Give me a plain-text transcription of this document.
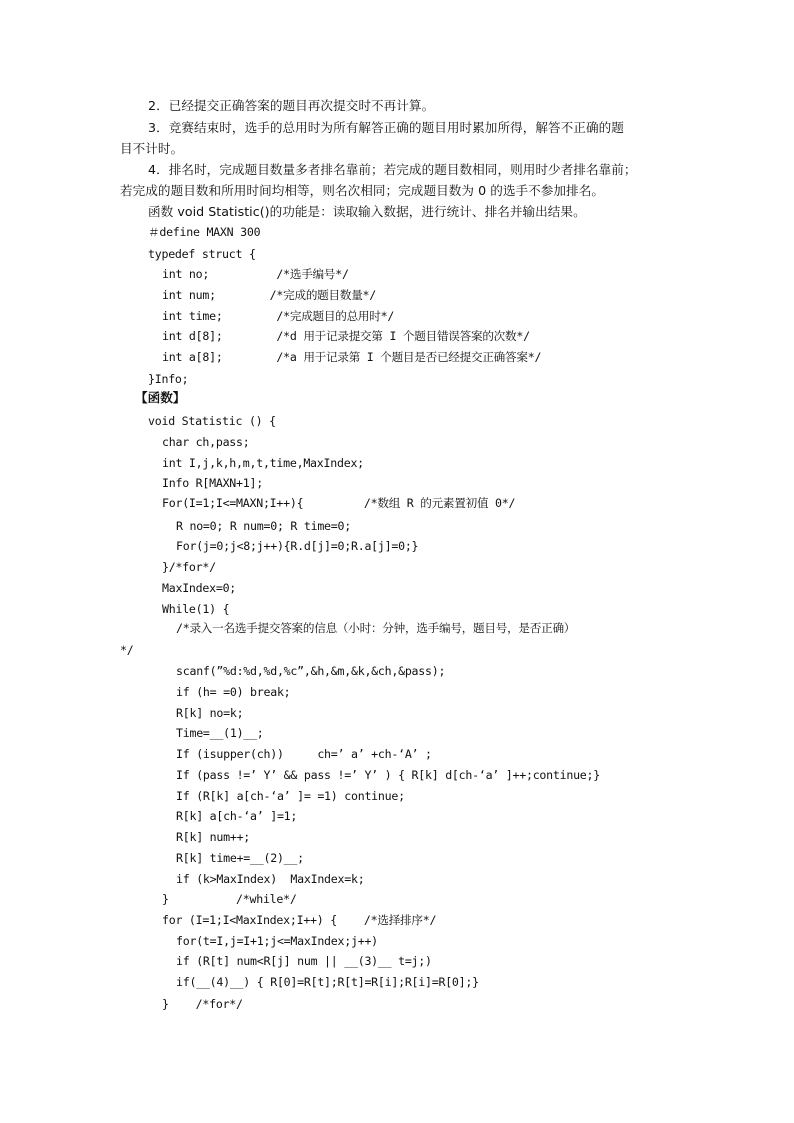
2．已经提交正确答案的题目再次提交时不再计算。
3．竞赛结束时，选手的总用时为所有解答正确的题目用时累加所得，解答不正确的题
目不计时。
4．排名时，完成题目数量多者排名靠前；若完成的题目数相同，则用时少者排名靠前；
若完成的题目数和所用时间均相等，则名次相同；完成题目数为 0 的选手不参加排名。
函数 void Statistic()的功能是：读取输入数据，进行统计、排名并输出结果。
＃define MAXN 300
typedef struct {
int no;          /*选手编号*/
int num;        /*完成的题目数量*/
int time;        /*完成题目的总用时*/
int d[8];        /*d 用于记录提交第 I 个题目错误答案的次数*/
int a[8];        /*a 用于记录第 I 个题目是否已经提交正确答案*/
}Info;
【函数】
void Statistic () {
char ch,pass;
int I,j,k,h,m,t,time,MaxIndex;
Info R[MAXN+1];
For(I=1;I<=MAXN;I++){         /*数组 R 的元素置初值 0*/
R no=0; R num=0; R time=0;
For(j=0;j<8;j++){R.d[j]=0;R.a[j]=0;}
}/*for*/
MaxIndex=0;
While(1) {
/*录入一名选手提交答案的信息（小时：分钟，选手编号，题目号，是否正确）
*/
scanf(”%d:%d,%d,%c”,&h,&m,&k,&ch,&pass);
if (h= =0) break;
R[k] no=k;
Time=__(1)__;
If (isupper(ch))     ch=’ a’ +ch-‘A’ ;
If (pass !=’ Y’ && pass !=’ Y’ ) { R[k] d[ch-‘a’ ]++;continue;}
If (R[k] a[ch-‘a’ ]= =1) continue;
R[k] a[ch-‘a’ ]=1;
R[k] num++;
R[k] time+=__(2)__;
if (k>MaxIndex)  MaxIndex=k;
}          /*while*/
for (I=1;I<MaxIndex;I++) {    /*选择排序*/
for(t=I,j=I+1;j<=MaxIndex;j++)
if (R[t] num<R[j] num || __(3)__ t=j;)
if(__(4)__) { R[0]=R[t];R[t]=R[i];R[i]=R[0];}
}    /*for*/
